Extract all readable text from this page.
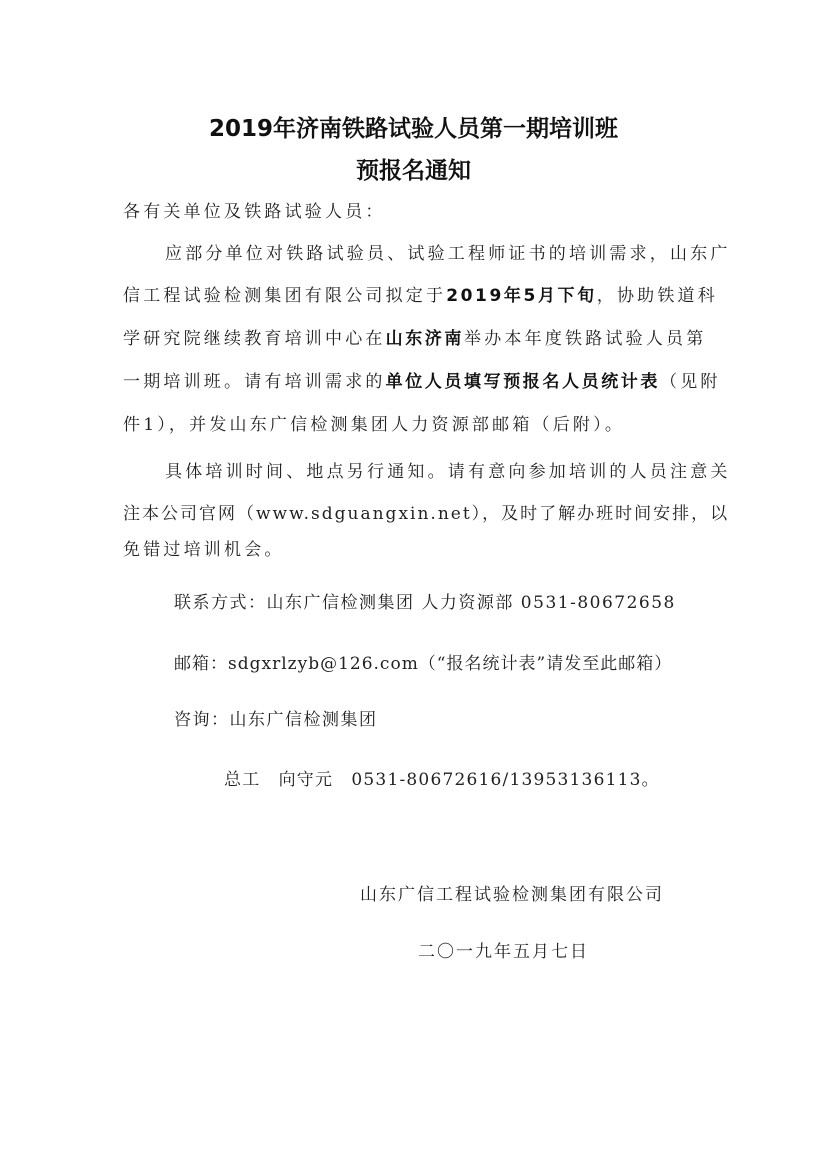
2019年济南铁路试验人员第一期培训班
预报名通知
各有关单位及铁路试验人员：
应部分单位对铁路试验员、试验工程师证书的培训需求，山东广
信工程试验检测集团有限公司拟定于2019年5月下旬，协助铁道科
学研究院继续教育培训中心在山东济南举办本年度铁路试验人员第
一期培训班。请有培训需求的单位人员填写预报名人员统计表（见附
件1），并发山东广信检测集团人力资源部邮箱（后附）。
具体培训时间、地点另行通知。请有意向参加培训的人员注意关
注本公司官网（www.sdguangxin.net），及时了解办班时间安排，以
免错过培训机会。
联系方式：山东广信检测集团 人力资源部 0531-80672658
邮箱：sdgxrlzyb@126.com（“报名统计表”请发至此邮箱）
咨询：山东广信检测集团
总工　向守元　0531-80672616/13953136113。
山东广信工程试验检测集团有限公司
二〇一九年五月七日
